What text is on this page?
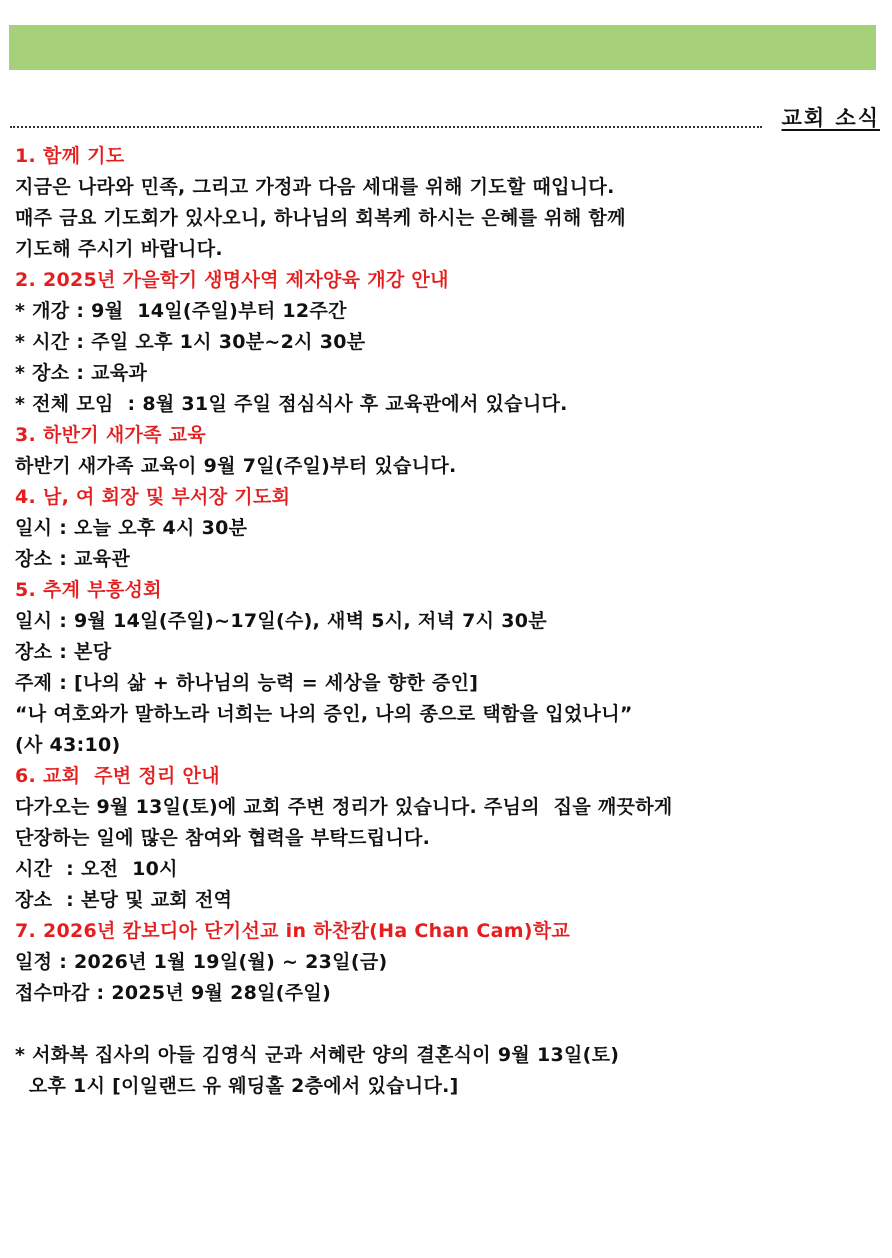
교회 소식
1. 함께 기도
지금은 나라와 민족, 그리고 가정과 다음 세대를 위해 기도할 때입니다.
매주 금요 기도회가 있사오니, 하나님의 회복케 하시는 은혜를 위해 함께
기도해 주시기 바랍니다.
2. 2025년 가을학기 생명사역 제자양육 개강 안내
* 개강 : 9월  14일(주일)부터 12주간
* 시간 : 주일 오후 1시 30분~2시 30분
* 장소 : 교육과
* 전체 모임  : 8월 31일 주일 점심식사 후 교육관에서 있습니다.
3. 하반기 새가족 교육
하반기 새가족 교육이 9월 7일(주일)부터 있습니다.
4. 남, 여 회장 및 부서장 기도회
일시 : 오늘 오후 4시 30분
장소 : 교육관
5. 추계 부흥성회
일시 : 9월 14일(주일)~17일(수), 새벽 5시, 저녁 7시 30분
장소 : 본당
주제 : [나의 삶 + 하나님의 능력 = 세상을 향한 증인]
“나 여호와가 말하노라 너희는 나의 증인, 나의 종으로 택함을 입었나니”
(사 43:10)
6. 교회  주변 정리 안내
다가오는 9월 13일(토)에 교회 주변 정리가 있습니다. 주님의  집을 깨끗하게
단장하는 일에 많은 참여와 협력을 부탁드립니다.
시간  : 오전  10시
장소  : 본당 및 교회 전역
7. 2026년 캄보디아 단기선교 in 하찬캄(Ha Chan Cam)학교
일정 : 2026년 1월 19일(월) ~ 23일(금)
접수마감 : 2025년 9월 28일(주일)
* 서화복 집사의 아들 김영식 군과 서혜란 양의 결혼식이 9월 13일(토)
오후 1시 [이일랜드 유 웨딩홀 2층에서 있습니다.]
